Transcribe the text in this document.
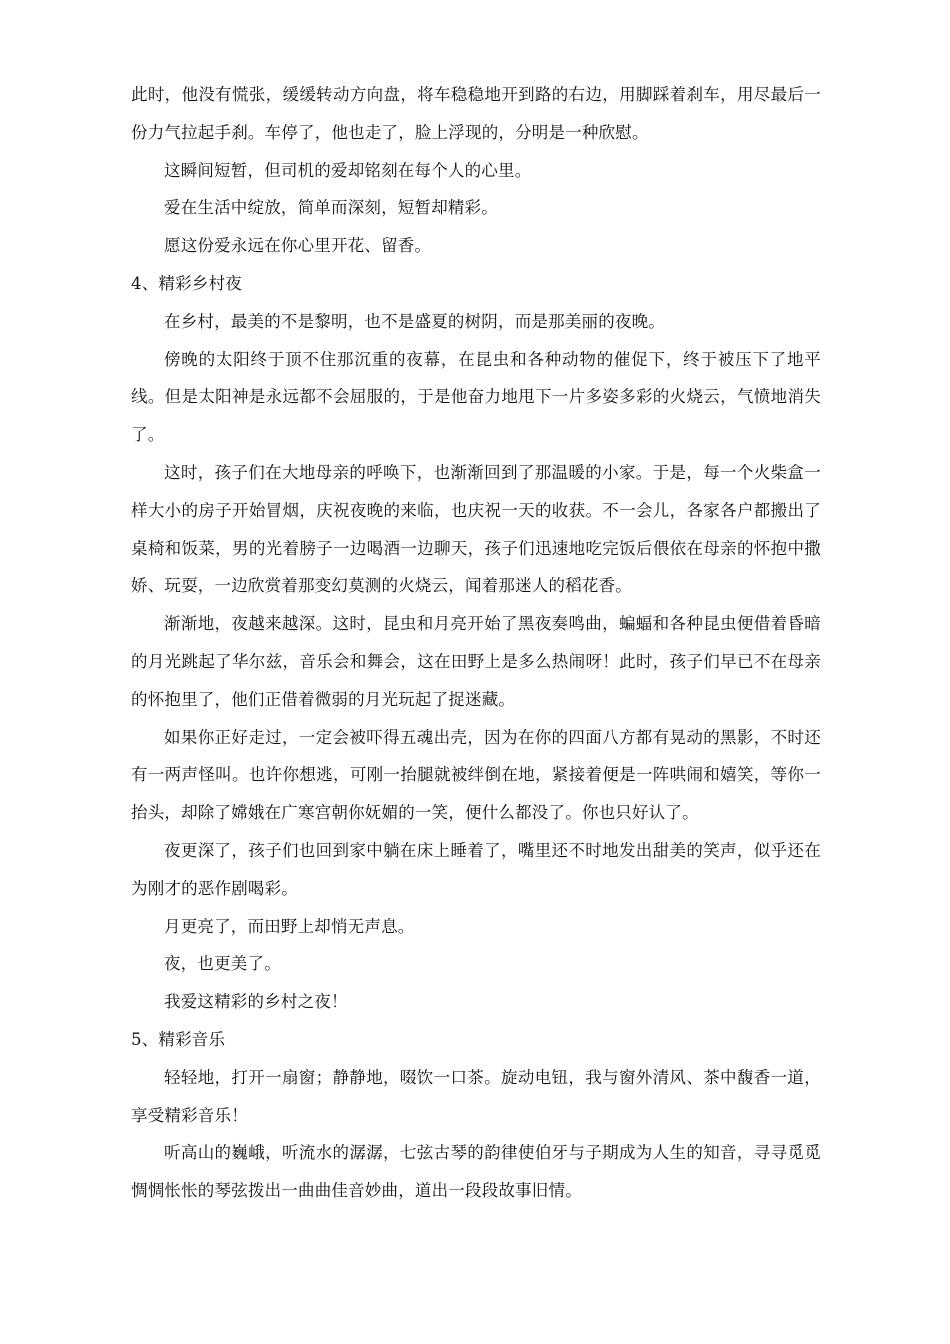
此时，他没有慌张，缓缓转动方向盘，将车稳稳地开到路的右边，用脚踩着刹车，用尽最后一份力气拉起手刹。车停了，他也走了，脸上浮现的，分明是一种欣慰。

这瞬间短暂，但司机的爱却铭刻在每个人的心里。

爱在生活中绽放，简单而深刻，短暂却精彩。

愿这份爱永远在你心里开花、留香。

4、精彩乡村夜

在乡村，最美的不是黎明，也不是盛夏的树阴，而是那美丽的夜晚。

傍晚的太阳终于顶不住那沉重的夜幕，在昆虫和各种动物的催促下，终于被压下了地平线。但是太阳神是永远都不会屈服的，于是他奋力地甩下一片多姿多彩的火烧云，气愤地消失了。

这时，孩子们在大地母亲的呼唤下，也渐渐回到了那温暖的小家。于是，每一个火柴盒一样大小的房子开始冒烟，庆祝夜晚的来临，也庆祝一天的收获。不一会儿，各家各户都搬出了桌椅和饭菜，男的光着膀子一边喝酒一边聊天，孩子们迅速地吃完饭后偎依在母亲的怀抱中撒娇、玩耍，一边欣赏着那变幻莫测的火烧云，闻着那迷人的稻花香。

渐渐地，夜越来越深。这时，昆虫和月亮开始了黑夜奏鸣曲，蝙蝠和各种昆虫便借着昏暗的月光跳起了华尔兹，音乐会和舞会，这在田野上是多么热闹呀！此时，孩子们早已不在母亲的怀抱里了，他们正借着微弱的月光玩起了捉迷藏。

如果你正好走过，一定会被吓得五魂出壳，因为在你的四面八方都有晃动的黑影，不时还有一两声怪叫。也许你想逃，可刚一抬腿就被绊倒在地，紧接着便是一阵哄闹和嬉笑，等你一抬头，却除了嫦娥在广寒宫朝你妩媚的一笑，便什么都没了。你也只好认了。

夜更深了，孩子们也回到家中躺在床上睡着了，嘴里还不时地发出甜美的笑声，似乎还在为刚才的恶作剧喝彩。

月更亮了，而田野上却悄无声息。

夜，也更美了。

我爱这精彩的乡村之夜！

5、精彩音乐

轻轻地，打开一扇窗；静静地，啜饮一口茶。旋动电钮，我与窗外清风、茶中馥香一道，享受精彩音乐！

听高山的巍峨，听流水的潺潺，七弦古琴的韵律使伯牙与子期成为人生的知音，寻寻觅觅惆惆怅怅的琴弦拨出一曲曲佳音妙曲，道出一段段故事旧情。
